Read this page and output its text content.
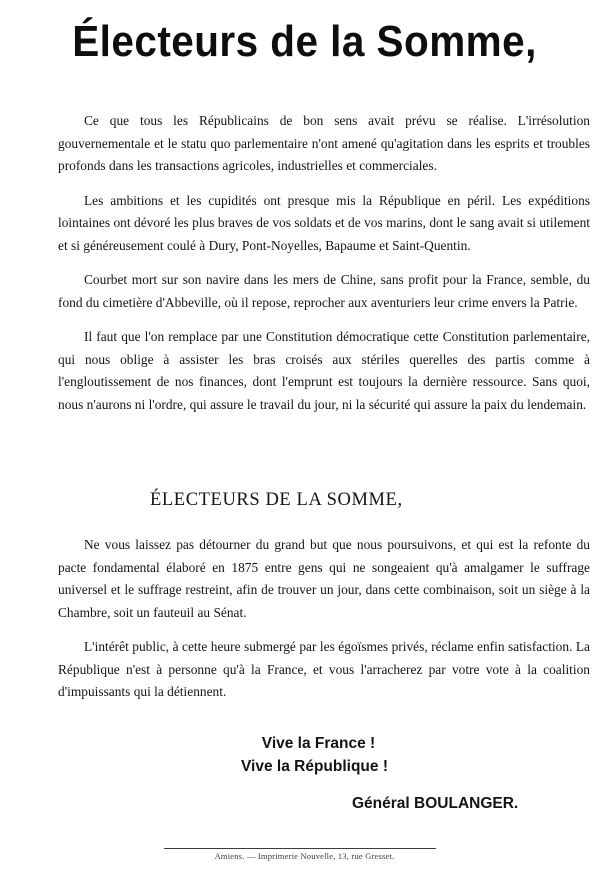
Électeurs de la Somme,

Ce que tous les Républicains de bon sens avait prévu se réalise. L'irrésolution gouvernementale et le statu quo parlementaire n'ont amené qu'agitation dans les esprits et troubles profonds dans les transactions agricoles, industrielles et commerciales.

Les ambitions et les cupidités ont presque mis la République en péril. Les expéditions lointaines ont dévoré les plus braves de vos soldats et de vos marins, dont le sang avait si utilement et si généreusement coulé à Dury, Pont-Noyelles, Bapaume et Saint-Quentin.

Courbet mort sur son navire dans les mers de Chine, sans profit pour la France, semble, du fond du cimetière d'Abbeville, où il repose, reprocher aux aventuriers leur crime envers la Patrie.

Il faut que l'on remplace par une Constitution démocratique cette Constitution parlementaire, qui nous oblige à assister les bras croisés aux stériles querelles des partis comme à l'engloutissement de nos finances, dont l'emprunt est toujours la dernière ressource. Sans quoi, nous n'aurons ni l'ordre, qui assure le travail du jour, ni la sécurité qui assure la paix du lendemain.

ÉLECTEURS DE LA SOMME,

Ne vous laissez pas détourner du grand but que nous poursuivons, et qui est la refonte du pacte fondamental élaboré en 1875 entre gens qui ne songeaient qu'à amalgamer le suffrage universel et le suffrage restreint, afin de trouver un jour, dans cette combinaison, soit un siège à la Chambre, soit un fauteuil au Sénat.

L'intérêt public, à cette heure submergé par les égoïsmes privés, réclame enfin satisfaction. La République n'est à personne qu'à la France, et vous l'arracherez par votre vote à la coalition d'impuissants qui la détiennent.

Vive la France !
Vive la République !
Général BOULANGER.
Amiens. — Imprimerie Nouvelle, 13, rue Gresset.
